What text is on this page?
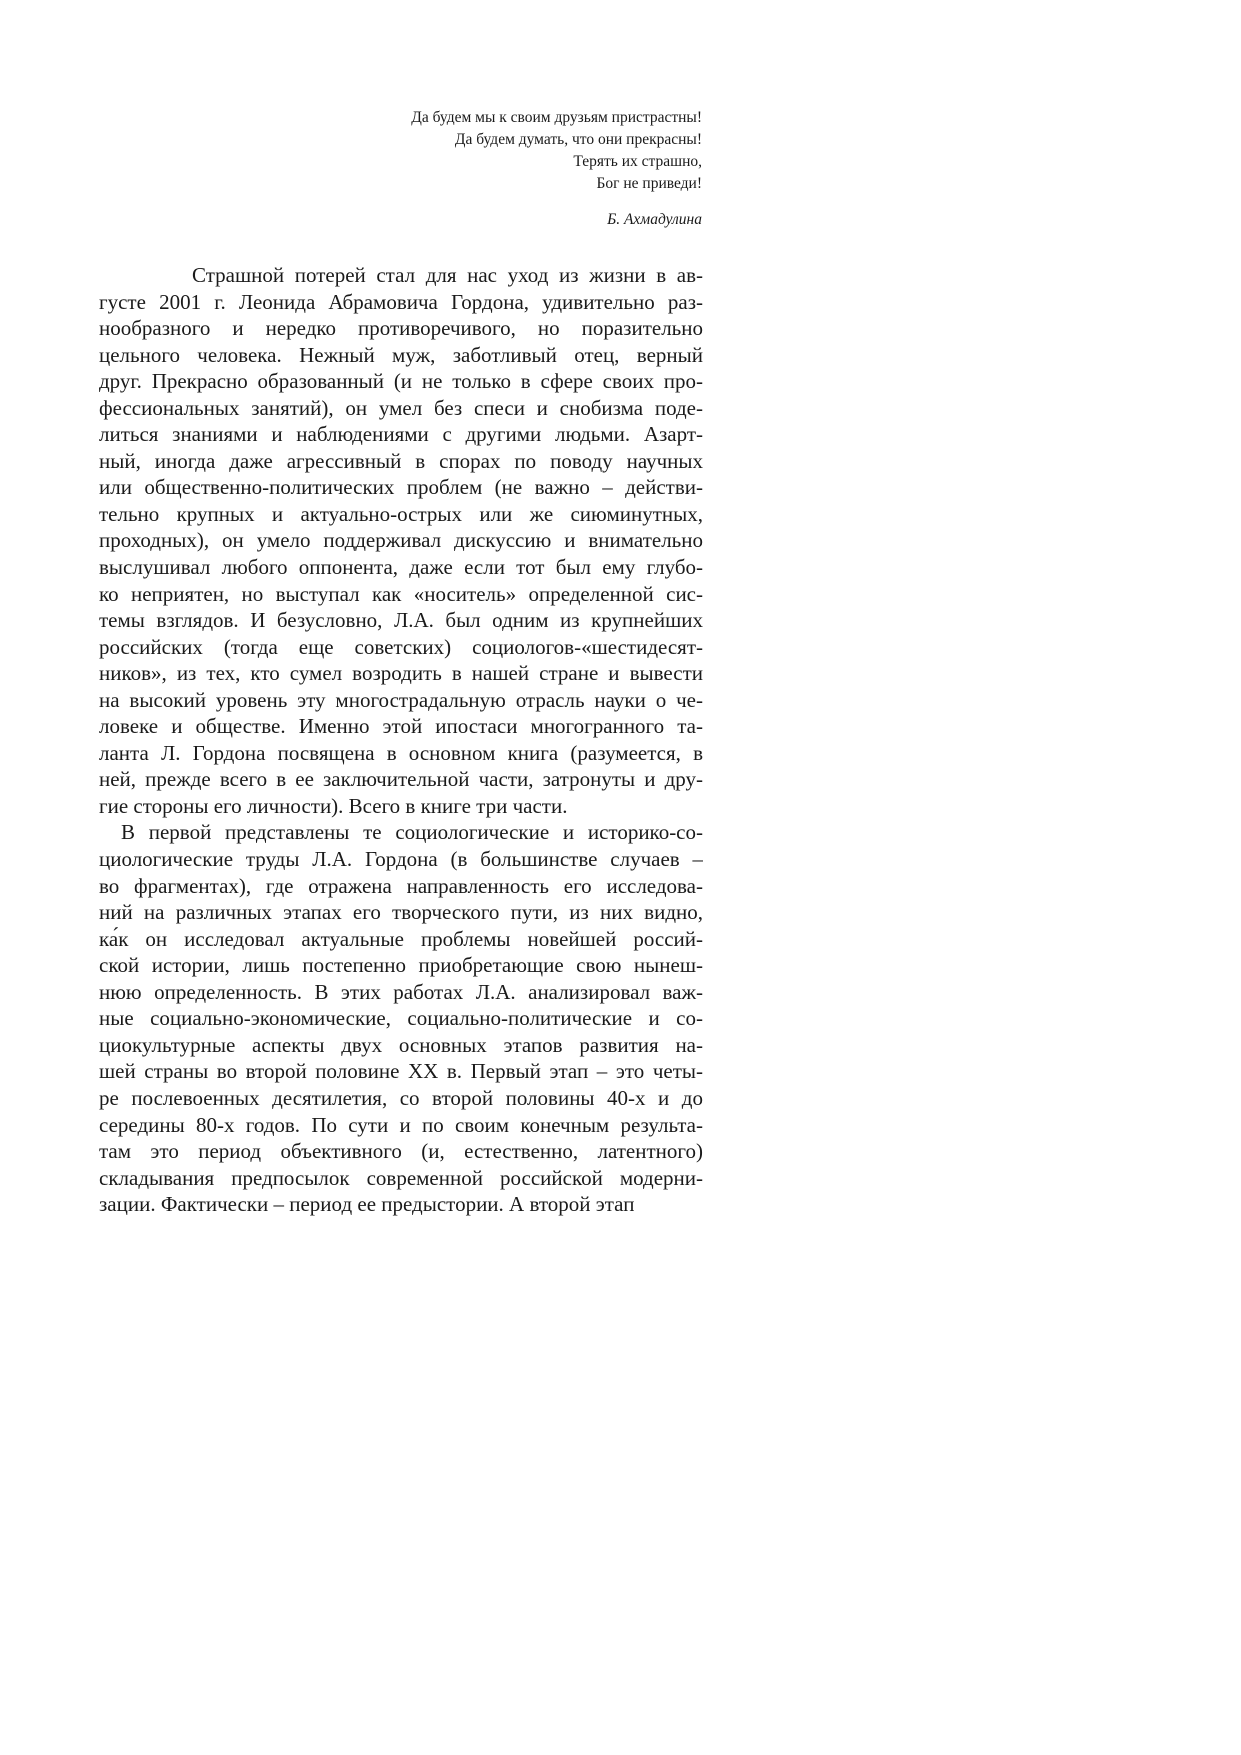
Да будем мы к своим друзьям пристрастны!
Да будем думать, что они прекрасны!
Терять их страшно,
Бог не приведи!
Б. Ахмадулина
Страшной потерей стал для нас уход из жизни в ав-
густе 2001 г. Леонида Абрамовича Гордона, удивительно раз-
нообразного и нередко противоречивого, но поразительно
цельного человека. Нежный муж, заботливый отец, верный
друг. Прекрасно образованный (и не только в сфере своих про-
фессиональных занятий), он умел без спеси и снобизма поде-
литься знаниями и наблюдениями с другими людьми. Азарт-
ный, иногда даже агрессивный в спорах по поводу научных
или общественно-политических проблем (не важно – действи-
тельно крупных и актуально-острых или же сиюминутных,
проходных), он умело поддерживал дискуссию и внимательно
выслушивал любого оппонента, даже если тот был ему глубо-
ко неприятен, но выступал как «носитель» определенной сис-
темы взглядов. И безусловно, Л.А. был одним из крупнейших
российских (тогда еще советских) социологов-«шестидесят-
ников», из тех, кто сумел возродить в нашей стране и вывести
на высокий уровень эту многострадальную отрасль науки о че-
ловеке и обществе. Именно этой ипостаси многогранного та-
ланта Л. Гордона посвящена в основном книга (разумеется, в
ней, прежде всего в ее заключительной части, затронуты и дру-
гие стороны его личности). Всего в книге три части.
В первой представлены те социологические и историко-со-
циологические труды Л.А. Гордона (в большинстве случаев –
во фрагментах), где отражена направленность его исследова-
ний на различных этапах его творческого пути, из них видно,
ка́к он исследовал актуальные проблемы новейшей россий-
ской истории, лишь постепенно приобретающие свою нынеш-
нюю определенность. В этих работах Л.А. анализировал важ-
ные социально-экономические, социально-политические и со-
циокультурные аспекты двух основных этапов развития на-
шей страны во второй половине XX в. Первый этап – это четы-
ре послевоенных десятилетия, со второй половины 40-х и до
середины 80-х годов. По сути и по своим конечным результа-
там это период объективного (и, естественно, латентного)
складывания предпосылок современной российской модерни-
зации. Фактически – период ее предыстории. А второй этап
